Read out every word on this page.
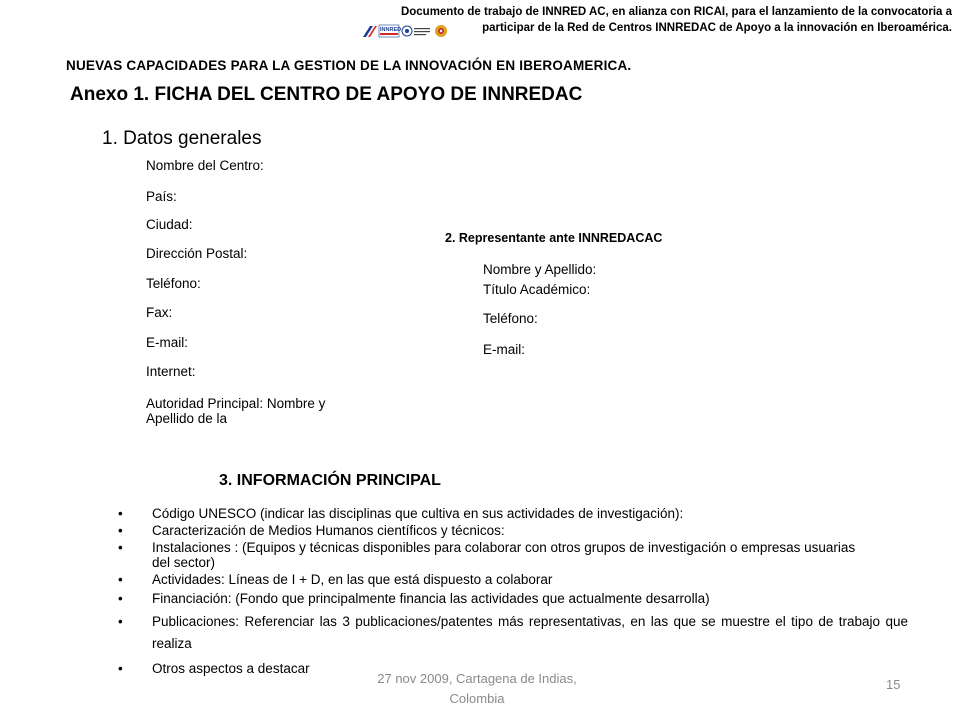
Documento de trabajo de INNRED AC, en alianza con RICAI, para el lanzamiento de la convocatoria a
participar de la Red de Centros INNREDAC de Apoyo a la innovación en Iberoamérica.
INNRED
NUEVAS CAPACIDADES PARA LA GESTION DE LA INNOVACIÓN EN IBEROAMERICA.
Anexo 1. FICHA DEL CENTRO DE APOYO DE INNREDAC
1. Datos generales
Nombre del Centro:
País:
Ciudad:
Dirección Postal:
Teléfono:
Fax:
E-mail:
Internet:
Autoridad Principal: Nombre y
Apellido de la
2. Representante ante INNREDACAC
Nombre y Apellido:
Título Académico:
Teléfono:
E-mail:
3. INFORMACIÓN PRINCIPAL
• Código UNESCO (indicar las disciplinas que cultiva en sus actividades de investigación):
• Caracterización de Medios Humanos científicos y técnicos:
• Instalaciones : (Equipos y técnicas disponibles para colaborar con otros grupos de investigación o empresas usuarias del sector)
• Actividades: Líneas de I + D, en las que está dispuesto a colaborar
• Financiación: (Fondo que principalmente financia las actividades que actualmente desarrolla)
• Publicaciones: Referenciar las 3 publicaciones/patentes más representativas, en las que se muestre el tipo de trabajo que realiza
• Otros aspectos a destacar
27 nov 2009, Cartagena de Indias, Colombia
15
